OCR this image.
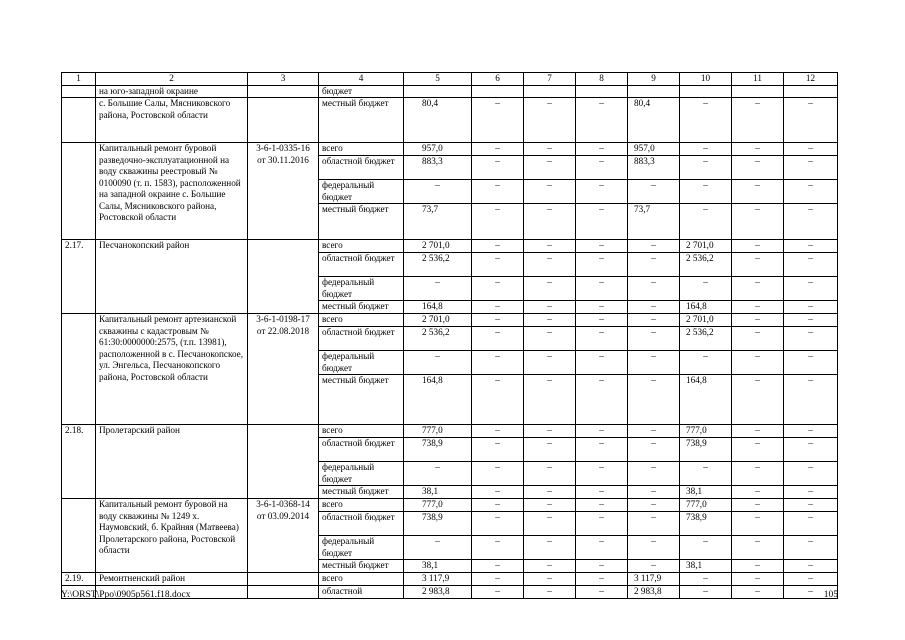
1	2	3	4	5	6	7	8	9	10	11	12
	на юго-западной окраине		бюджет								
	с. Большие Салы, Мясниковского района, Ростовской области		местный бюджет	80,4	–	–	–	80,4	–	–	–
	Капитальный ремонт буровой разведочно-эксплуатационной на воду скважины реестровый № 0100090 (т. п. 1583), расположенной на западной окраине с. Большие Салы, Мясниковского района, Ростовской области	3-6-1-0335-16 от 30.11.2016	всего	957,0	–	–	–	957,0	–	–	–
			областной бюджет	883,3	–	–	–	883,3	–	–	–
			федеральный бюджет	–	–	–	–	–	–	–	–
			местный бюджет	73,7	–	–	–	73,7	–	–	–
2.17.	Песчанокопский район		всего	2 701,0	–	–	–	–	2 701,0	–	–
			областной бюджет	2 536,2	–	–	–	–	2 536,2	–	–
			федеральный бюджет	–	–	–	–	–	–	–	–
			местный бюджет	164,8	–	–	–	–	164,8	–	–
	Капитальный ремонт артезианской скважины с кадастровым № 61:30:0000000:2575, (т.п. 13981), расположенной в с. Песчанокопское, ул. Энгельса, Песчанокопского района, Ростовской области	3-6-1-0198-17 от 22.08.2018	всего	2 701,0	–	–	–	–	2 701,0	–	–
			областной бюджет	2 536,2	–	–	–	–	2 536,2	–	–
			федеральный бюджет	–	–	–	–	–	–	–	–
			местный бюджет	164,8	–	–	–	–	164,8	–	–
2.18.	Пролетарский район		всего	777,0	–	–	–	–	777,0	–	–
			областной бюджет	738,9	–	–	–	–	738,9	–	–
			федеральный бюджет	–	–	–	–	–	–	–	–
			местный бюджет	38,1	–	–	–	–	38,1	–	–
	Капитальный ремонт буровой на воду скважины № 1249 х. Наумовский, б. Крайняя (Матвеева) Пролетарского района, Ростовской области	3-6-1-0368-14 от 03.09.2014	всего	777,0	–	–	–	–	777,0	–	–
			областной бюджет	738,9	–	–	–	–	738,9	–	–
			федеральный бюджет	–	–	–	–	–	–	–	–
			местный бюджет	38,1	–	–	–	–	38,1	–	–
2.19.	Ремонтненский район		всего	3 117,9	–	–	–	3 117,9	–	–	–
			областной	2 983,8	–	–	–	2 983,8	–	–	–
Y:\ORST\Ppo\0905p561.f18.docx	105
